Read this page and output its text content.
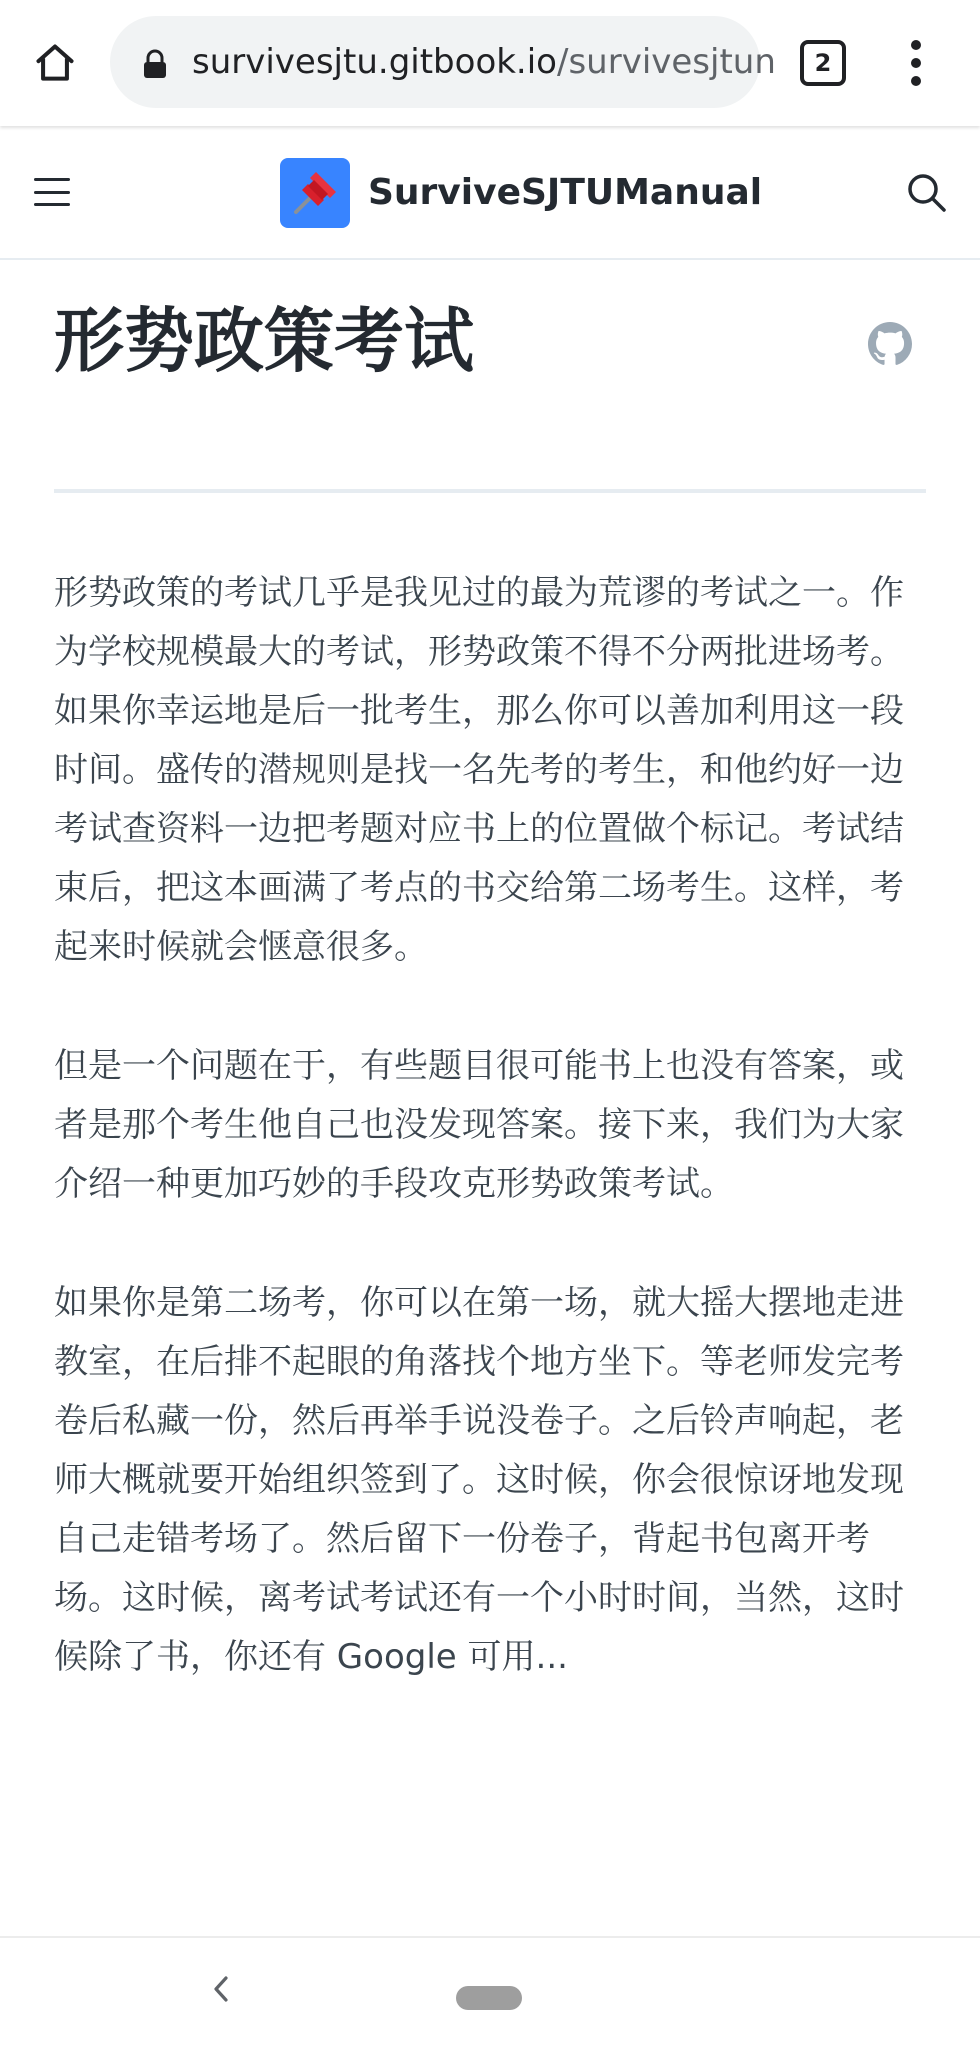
survivesjtu.gitbook.io/survivesjtun 2
SurviveSJTUManual
形势政策考试

形势政策的考试几乎是我见过的最为荒谬的考试之一。作为学校规模最大的考试，形势政策不得不分两批进场考。如果你幸运地是后一批考生，那么你可以善加利用这一段时间。盛传的潜规则是找一名先考的考生，和他约好一边考试查资料一边把考题对应书上的位置做个标记。考试结束后，把这本画满了考点的书交给第二场考生。这样，考起来时候就会惬意很多。

但是一个问题在于，有些题目很可能书上也没有答案，或者是那个考生他自己也没发现答案。接下来，我们为大家介绍一种更加巧妙的手段攻克形势政策考试。

如果你是第二场考，你可以在第一场，就大摇大摆地走进教室，在后排不起眼的角落找个地方坐下。等老师发完考卷后私藏一份，然后再举手说没卷子。之后铃声响起，老师大概就要开始组织签到了。这时候，你会很惊讶地发现自己走错考场了。然后留下一份卷子，背起书包离开考场。这时候，离考试考试还有一个小时时间，当然，这时候除了书，你还有 Google 可用...
